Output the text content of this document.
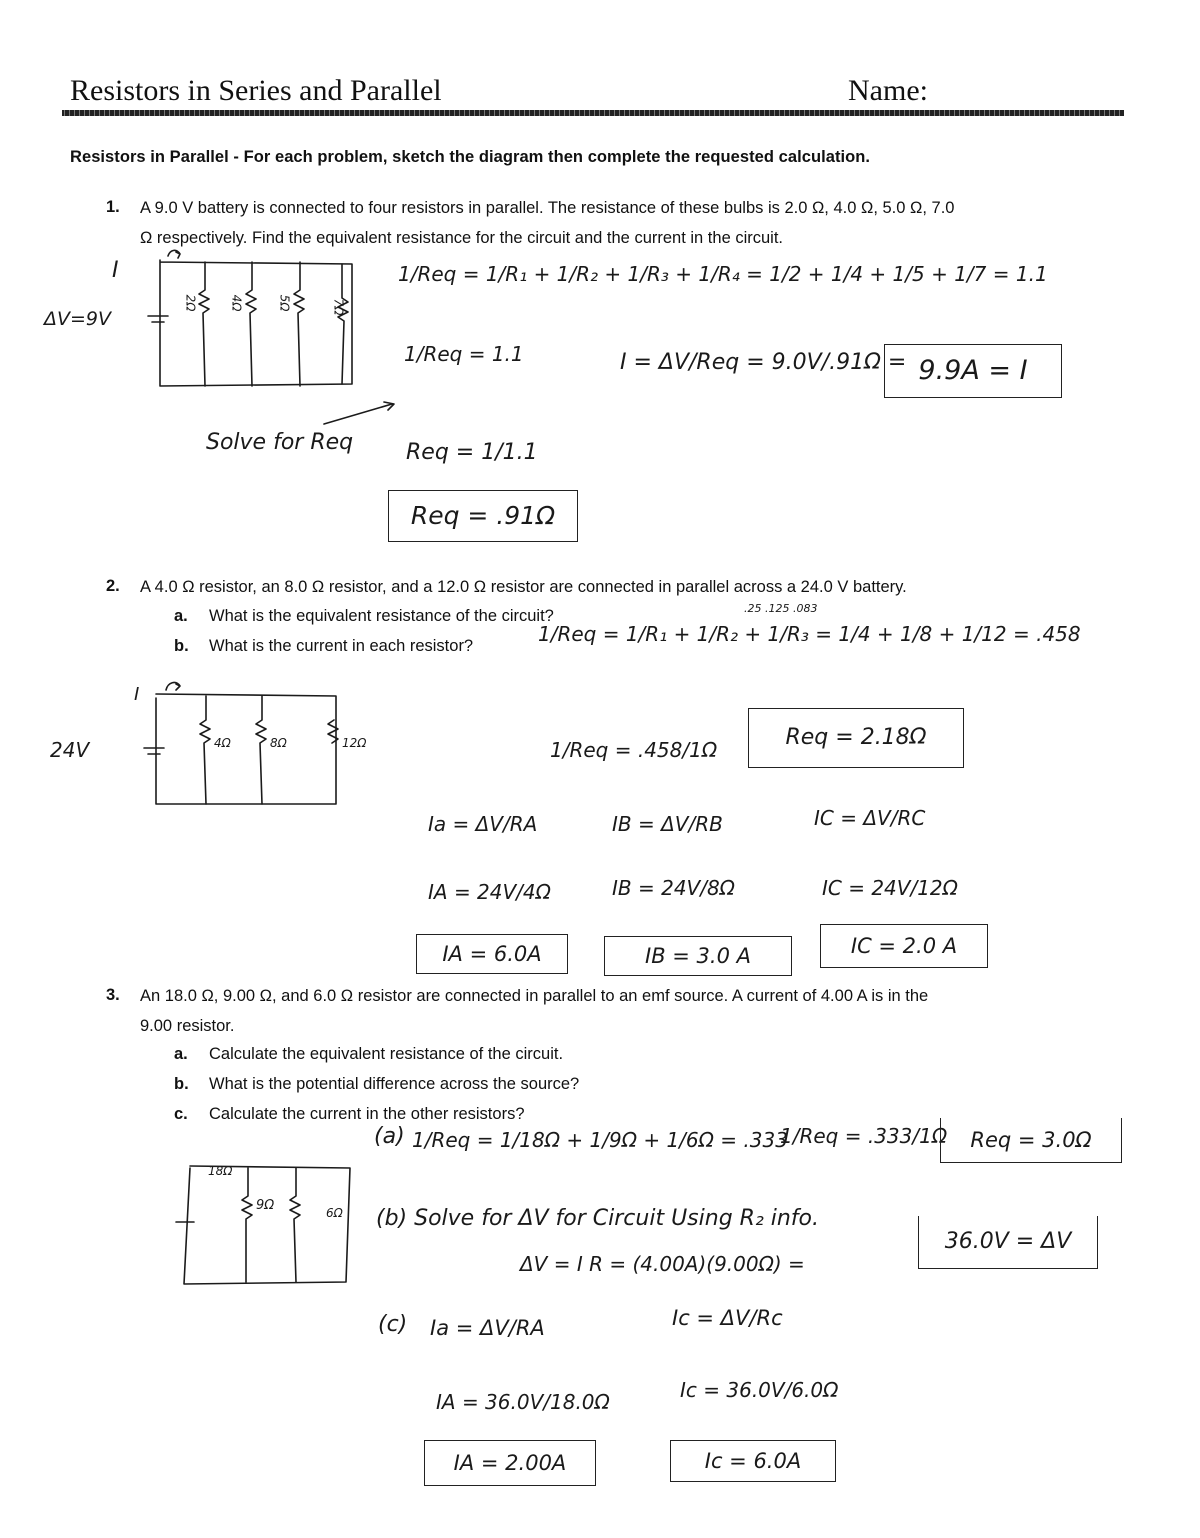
Resistors in Series and Parallel	Name:
Resistors in Parallel - For each problem, sketch the diagram then complete the requested calculation.
1. A 9.0 V battery is connected to four resistors in parallel. The resistance of these bulbs is 2.0 Ω, 4.0 Ω, 5.0 Ω, 7.0
Ω respectively. Find the equivalent resistance for the circuit and the current in the circuit.
I
ΔV=9V
2Ω	4Ω	5Ω	7Ω
1/Req = 1/R₁ + 1/R₂ + 1/R₃ + 1/R₄ = 1/2 + 1/4 + 1/5 + 1/7 = 1.1
1/Req = 1.1
Solve for Req Req = 1/1.1
Req = .91Ω
I = ΔV/Req = 9.0V/.91Ω = 9.9A = I
2. A 4.0 Ω resistor, an 8.0 Ω resistor, and a 12.0 Ω resistor are connected in parallel across a 24.0 V battery.
a. What is the equivalent resistance of the circuit?
b. What is the current in each resistor?
.25 .125 .083
1/Req = 1/R₁ + 1/R₂ + 1/R₃ = 1/4 + 1/8 + 1/12 = .458
I
24V	4Ω	8Ω	12Ω	1/Req = .458/1Ω	Req = 2.18Ω
Ia = ΔV/RA	IB = ΔV/RB	IC = ΔV/RC
IA = 24V/4Ω	IB = 24V/8Ω	IC = 24V/12Ω
IA = 6.0A	IB = 3.0 A	IC = 2.0 A
3. An 18.0 Ω, 9.00 Ω, and 6.0 Ω resistor are connected in parallel to an emf source. A current of 4.00 A is in the
9.00 resistor.
a. Calculate the equivalent resistance of the circuit.
b. What is the potential difference across the source?
c. Calculate the current in the other resistors?
18Ω
9Ω	6Ω
(a) 1/Req = 1/18Ω + 1/9Ω + 1/6Ω = .333
1/Req = .333/1Ω	Req = 3.0Ω
(b) Solve for ΔV for Circuit Using R₂ info.
ΔV = I R = (4.00A)(9.00Ω) =
36.0V = ΔV
(c) Ia = ΔV/RA	Ic = ΔV/Rc
IA = 36.0V/18.0Ω	Ic = 36.0V/6.0Ω
IA = 2.00A	Ic = 6.0A
